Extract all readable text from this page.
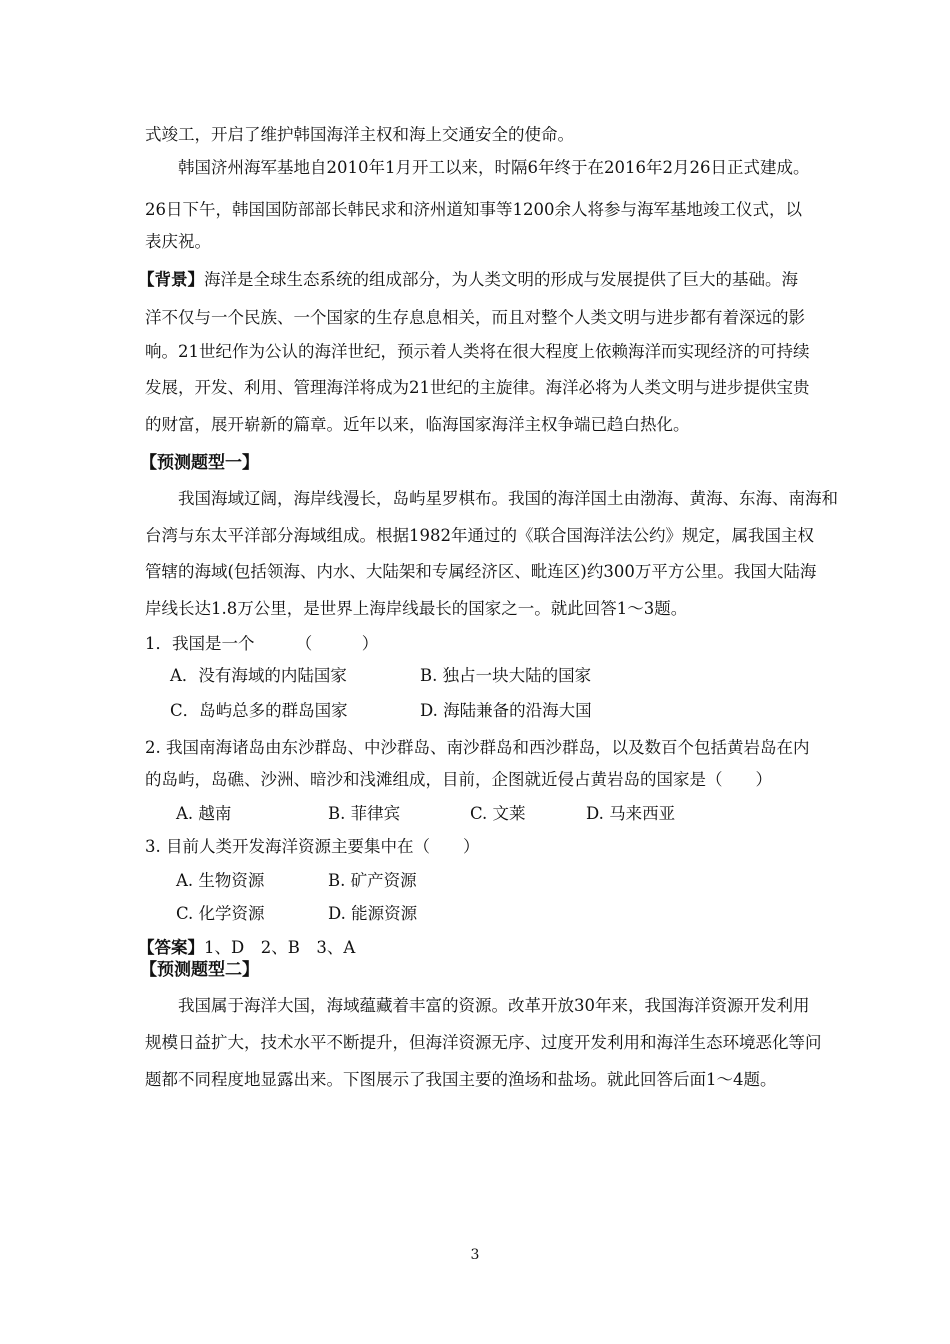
式竣工，开启了维护韩国海洋主权和海上交通安全的使命。
韩国济州海军基地自2010年1月开工以来，时隔6年终于在2016年2月26日正式建成。
26日下午，韩国国防部部长韩民求和济州道知事等1200余人将参与海军基地竣工仪式，以
表庆祝。
【背景】海洋是全球生态系统的组成部分，为人类文明的形成与发展提供了巨大的基础。海
洋不仅与一个民族、一个国家的生存息息相关，而且对整个人类文明与进步都有着深远的影
响。21世纪作为公认的海洋世纪，预示着人类将在很大程度上依赖海洋而实现经济的可持续
发展，开发、利用、管理海洋将成为21世纪的主旋律。海洋必将为人类文明与进步提供宝贵
的财富，展开崭新的篇章。近年以来，临海国家海洋主权争端已趋白热化。
【预测题型一】
我国海域辽阔，海岸线漫长，岛屿星罗棋布。我国的海洋国土由渤海、黄海、东海、南海和
台湾与东太平洋部分海域组成。根据1982年通过的《联合国海洋法公约》规定，属我国主权
管辖的海域(包括领海、内水、大陆架和专属经济区、毗连区)约300万平方公里。我国大陆海
岸线长达1.8万公里，是世界上海岸线最长的国家之一。就此回答1～3题。
1．我国是一个　　　（　　　）
A．没有海域的内陆国家	B. 独占一块大陆的国家
C．岛屿总多的群岛国家	D. 海陆兼备的沿海大国
2. 我国南海诸岛由东沙群岛、中沙群岛、南沙群岛和西沙群岛，以及数百个包括黄岩岛在内
的岛屿，岛礁、沙洲、暗沙和浅滩组成，目前，企图就近侵占黄岩岛的国家是（　　）
A. 越南	B. 菲律宾	C. 文莱	D. 马来西亚
3. 目前人类开发海洋资源主要集中在（　　）
A. 生物资源	B. 矿产资源
C. 化学资源	D. 能源资源
【答案】1、D　2、B　3、A
【预测题型二】
我国属于海洋大国，海域蕴藏着丰富的资源。改革开放30年来，我国海洋资源开发利用
规模日益扩大，技术水平不断提升，但海洋资源无序、过度开发利用和海洋生态环境恶化等问
题都不同程度地显露出来。下图展示了我国主要的渔场和盐场。就此回答后面1～4题。
3
